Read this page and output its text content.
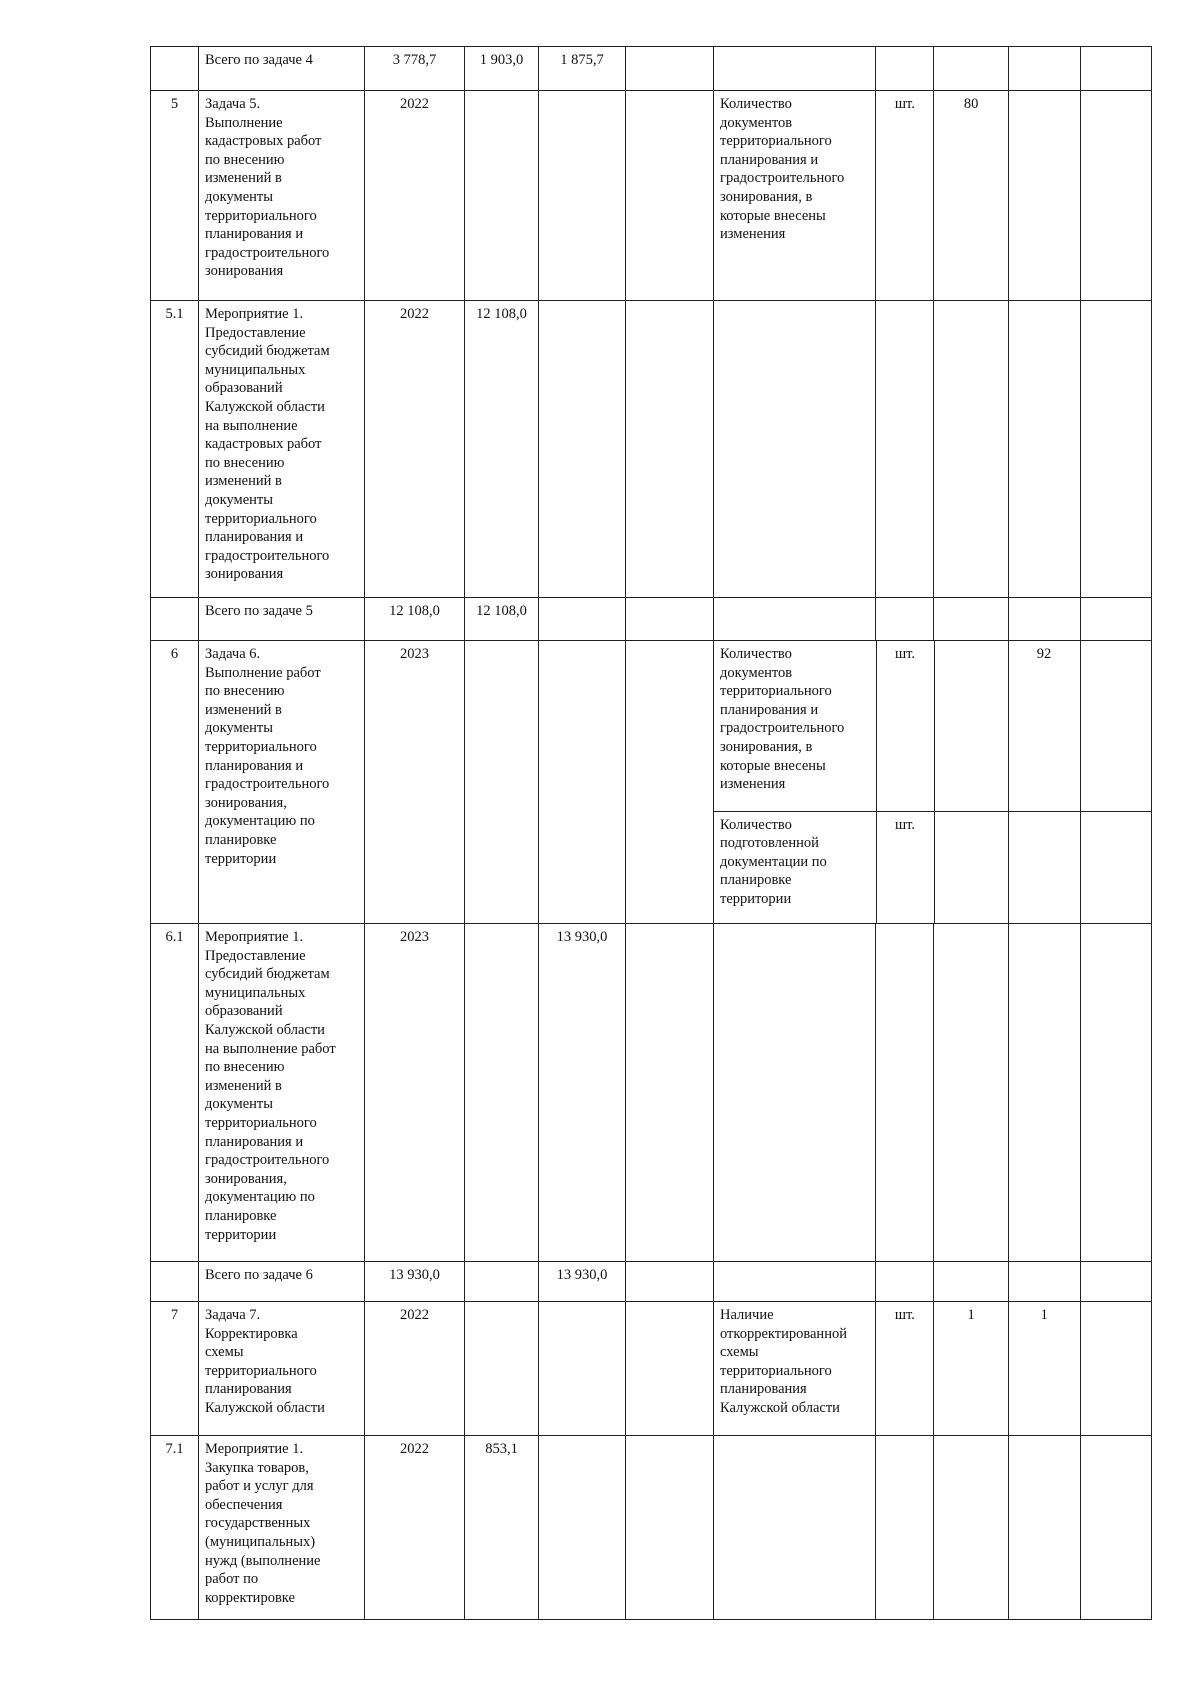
	Всего по задаче 4	3 778,7	1 903,0	1 875,7						
5	Задача 5.
Выполнение
кадастровых работ
по внесению
изменений в
документы
территориального
планирования и
градостроительного
зонирования	2022				Количество
документов
территориального
планирования и
градостроительного
зонирования, в
которые внесены
изменения	шт.	80		
5.1	Мероприятие 1.
Предоставление
субсидий бюджетам
муниципальных
образований
Калужской области
на выполнение
кадастровых работ
по внесению
изменений в
документы
территориального
планирования и
градостроительного
зонирования	2022	12 108,0							
	Всего по задаче 5	12 108,0	12 108,0							
6	Задача 6.
Выполнение работ
по внесению
изменений в
документы
территориального
планирования и
градостроительного
зонирования,
документацию по
планировке
территории	2023					Количество
документов
территориального
планирования и
градостроительного
зонирования, в
которые внесены
изменения	шт.		92	
Количество
подготовленной
документации по
планировке
территории	шт.			

6.1	Мероприятие 1.
Предоставление
субсидий бюджетам
муниципальных
образований
Калужской области
на выполнение работ
по внесению
изменений в
документы
территориального
планирования и
градостроительного
зонирования,
документацию по
планировке
территории	2023		13 930,0						
	Всего по задаче 6	13 930,0		13 930,0						
7	Задача 7.
Корректировка
схемы
территориального
планирования
Калужской области	2022				Наличие
откорректированной
схемы
территориального
планирования
Калужской области	шт.	1	1	
7.1	Мероприятие 1.
Закупка товаров,
работ и услуг для
обеспечения
государственных
(муниципальных)
нужд (выполнение
работ по
корректировке	2022	853,1							
